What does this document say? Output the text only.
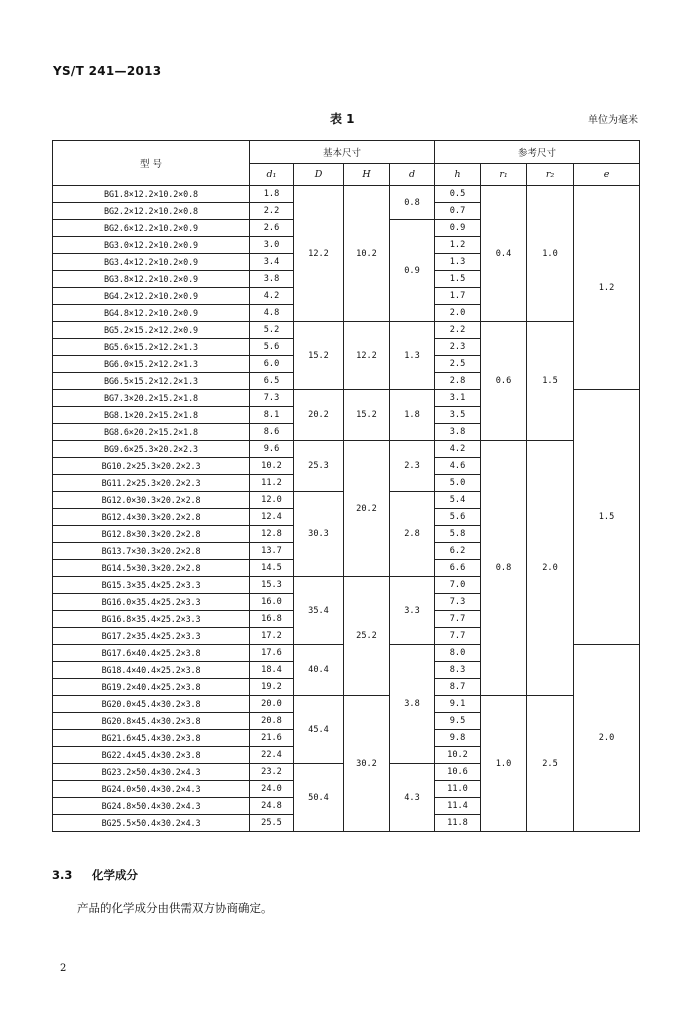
YS/T 241—2013
表 1	单位为毫米
型 号	基本尺寸				参考尺寸			
	d₁	D	H	d	h	r₁	r₂	e
BG1.8×12.2×10.2×0.8	1.8	12.2	10.2	0.8	0.5	0.4	1.0	1.2
BG2.2×12.2×10.2×0.8	2.2				0.7			
BG2.6×12.2×10.2×0.9	2.6			0.9	0.9			
BG3.0×12.2×10.2×0.9	3.0				1.2			
BG3.4×12.2×10.2×0.9	3.4				1.3			
BG3.8×12.2×10.2×0.9	3.8				1.5			
BG4.2×12.2×10.2×0.9	4.2				1.7			
BG4.8×12.2×10.2×0.9	4.8				2.0			
BG5.2×15.2×12.2×0.9	5.2	15.2	12.2	1.3	2.2	0.6	1.5	
BG5.6×15.2×12.2×1.3	5.6				2.3			
BG6.0×15.2×12.2×1.3	6.0				2.5			
BG6.5×15.2×12.2×1.3	6.5				2.8			
BG7.3×20.2×15.2×1.8	7.3	20.2	15.2	1.8	3.1			1.5
BG8.1×20.2×15.2×1.8	8.1				3.5			
BG8.6×20.2×15.2×1.8	8.6				3.8			
BG9.6×25.3×20.2×2.3	9.6	25.3	20.2	2.3	4.2	0.8	2.0	
BG10.2×25.3×20.2×2.3	10.2				4.6			
BG11.2×25.3×20.2×2.3	11.2				5.0			
BG12.0×30.3×20.2×2.8	12.0	30.3		2.8	5.4			
BG12.4×30.3×20.2×2.8	12.4				5.6			
BG12.8×30.3×20.2×2.8	12.8				5.8			
BG13.7×30.3×20.2×2.8	13.7				6.2			
BG14.5×30.3×20.2×2.8	14.5				6.6			
BG15.3×35.4×25.2×3.3	15.3	35.4	25.2	3.3	7.0			
BG16.0×35.4×25.2×3.3	16.0				7.3			
BG16.8×35.4×25.2×3.3	16.8				7.7			
BG17.2×35.4×25.2×3.3	17.2				7.7			
BG17.6×40.4×25.2×3.8	17.6	40.4		3.8	8.0			2.0
BG18.4×40.4×25.2×3.8	18.4				8.3			
BG19.2×40.4×25.2×3.8	19.2				8.7			
BG20.0×45.4×30.2×3.8	20.0	45.4	30.2		9.1	1.0	2.5	
BG20.8×45.4×30.2×3.8	20.8				9.5			
BG21.6×45.4×30.2×3.8	21.6				9.8			
BG22.4×45.4×30.2×3.8	22.4				10.2			
BG23.2×50.4×30.2×4.3	23.2	50.4		4.3	10.6			
BG24.0×50.4×30.2×4.3	24.0				11.0			
BG24.8×50.4×30.2×4.3	24.8				11.4			
BG25.5×50.4×30.2×4.3	25.5				11.8			
3.3 化学成分
产品的化学成分由供需双方协商确定。
2
